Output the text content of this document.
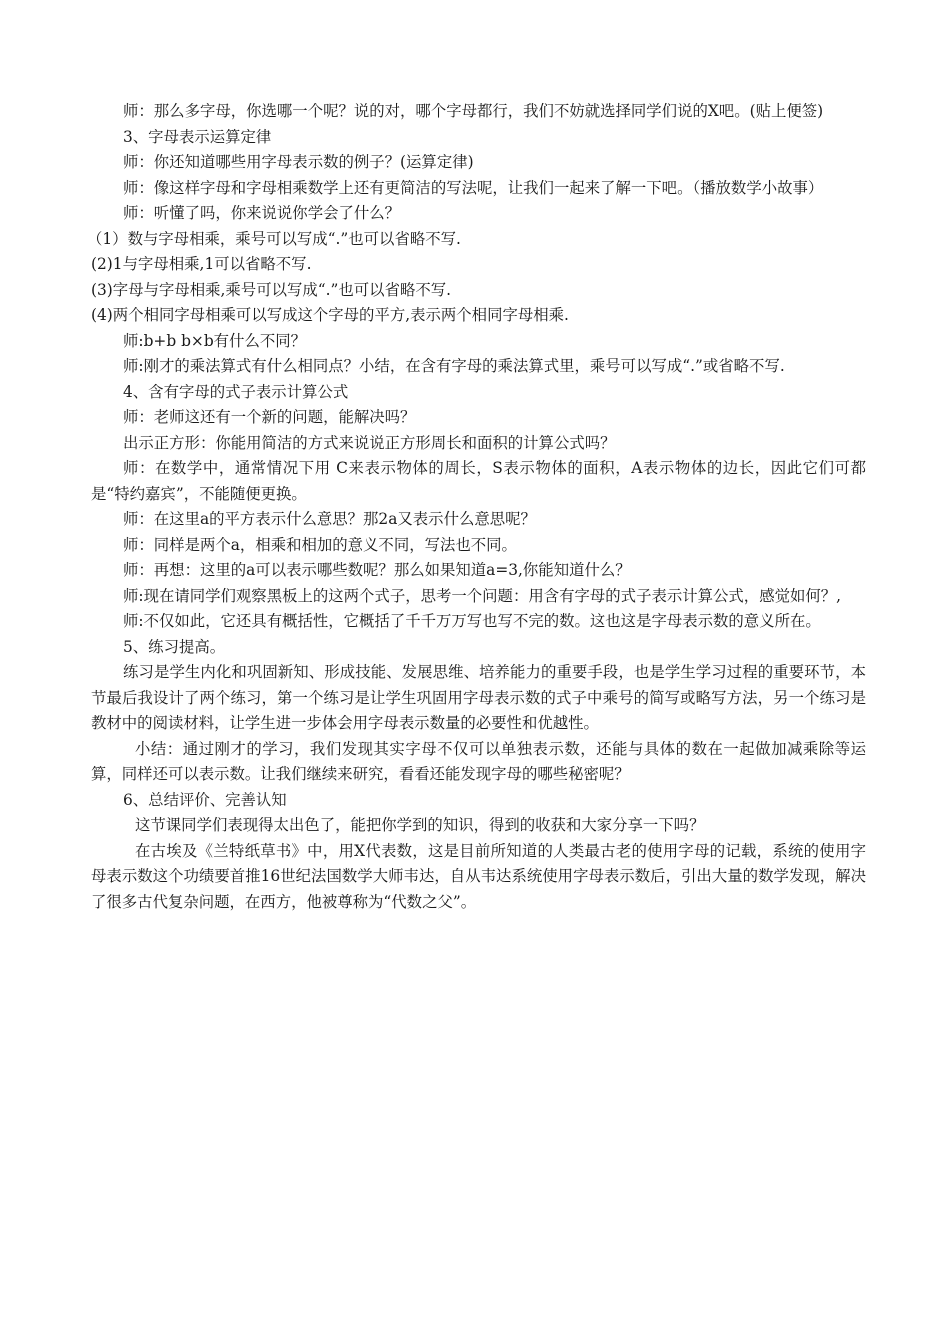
师：那么多字母，你选哪一个呢？说的对，哪个字母都行，我们不妨就选择同学们说的X吧。(贴上便签)

3、字母表示运算定律

师：你还知道哪些用字母表示数的例子？(运算定律)

师：像这样字母和字母相乘数学上还有更简洁的写法呢，让我们一起来了解一下吧。（播放数学小故事）

师：听懂了吗，你来说说你学会了什么？

（1）数与字母相乘，乘号可以写成“.”也可以省略不写.

(2)1与字母相乘,1可以省略不写.

(3)字母与字母相乘,乘号可以写成“.”也可以省略不写.

(4)两个相同字母相乘可以写成这个字母的平方,表示两个相同字母相乘.

师:b+b b×b有什么不同？

师:刚才的乘法算式有什么相同点？小结，在含有字母的乘法算式里，乘号可以写成“.”或省略不写.

4、含有字母的式子表示计算公式

师：老师这还有一个新的问题，能解决吗？

出示正方形：你能用简洁的方式来说说正方形周长和面积的计算公式吗？

师：在数学中，通常情况下用 C来表示物体的周长，S表示物体的面积，A表示物体的边长，因此它们可都是“特约嘉宾”，不能随便更换。

师：在这里a的平方表示什么意思？那2a又表示什么意思呢？

师：同样是两个a，相乘和相加的意义不同，写法也不同。

师：再想：这里的a可以表示哪些数呢？那么如果知道a=3,你能知道什么？

师:现在请同学们观察黑板上的这两个式子，思考一个问题：用含有字母的式子表示计算公式，感觉如何？,

师:不仅如此，它还具有概括性，它概括了千千万万写也写不完的数。这也这是字母表示数的意义所在。

5、练习提高。

练习是学生内化和巩固新知、形成技能、发展思维、培养能力的重要手段，也是学生学习过程的重要环节，本节最后我设计了两个练习，第一个练习是让学生巩固用字母表示数的式子中乘号的简写或略写方法，另一个练习是教材中的阅读材料，让学生进一步体会用字母表示数量的必要性和优越性。

小结：通过刚才的学习，我们发现其实字母不仅可以单独表示数，还能与具体的数在一起做加减乘除等运算，同样还可以表示数。让我们继续来研究，看看还能发现字母的哪些秘密呢？

6、总结评价、完善认知

这节课同学们表现得太出色了，能把你学到的知识，得到的收获和大家分享一下吗？

在古埃及《兰特纸草书》中，用X代表数，这是目前所知道的人类最古老的使用字母的记载，系统的使用字母表示数这个功绩要首推16世纪法国数学大师韦达，自从韦达系统使用字母表示数后，引出大量的数学发现，解决了很多古代复杂问题，在西方，他被尊称为“代数之父”。
